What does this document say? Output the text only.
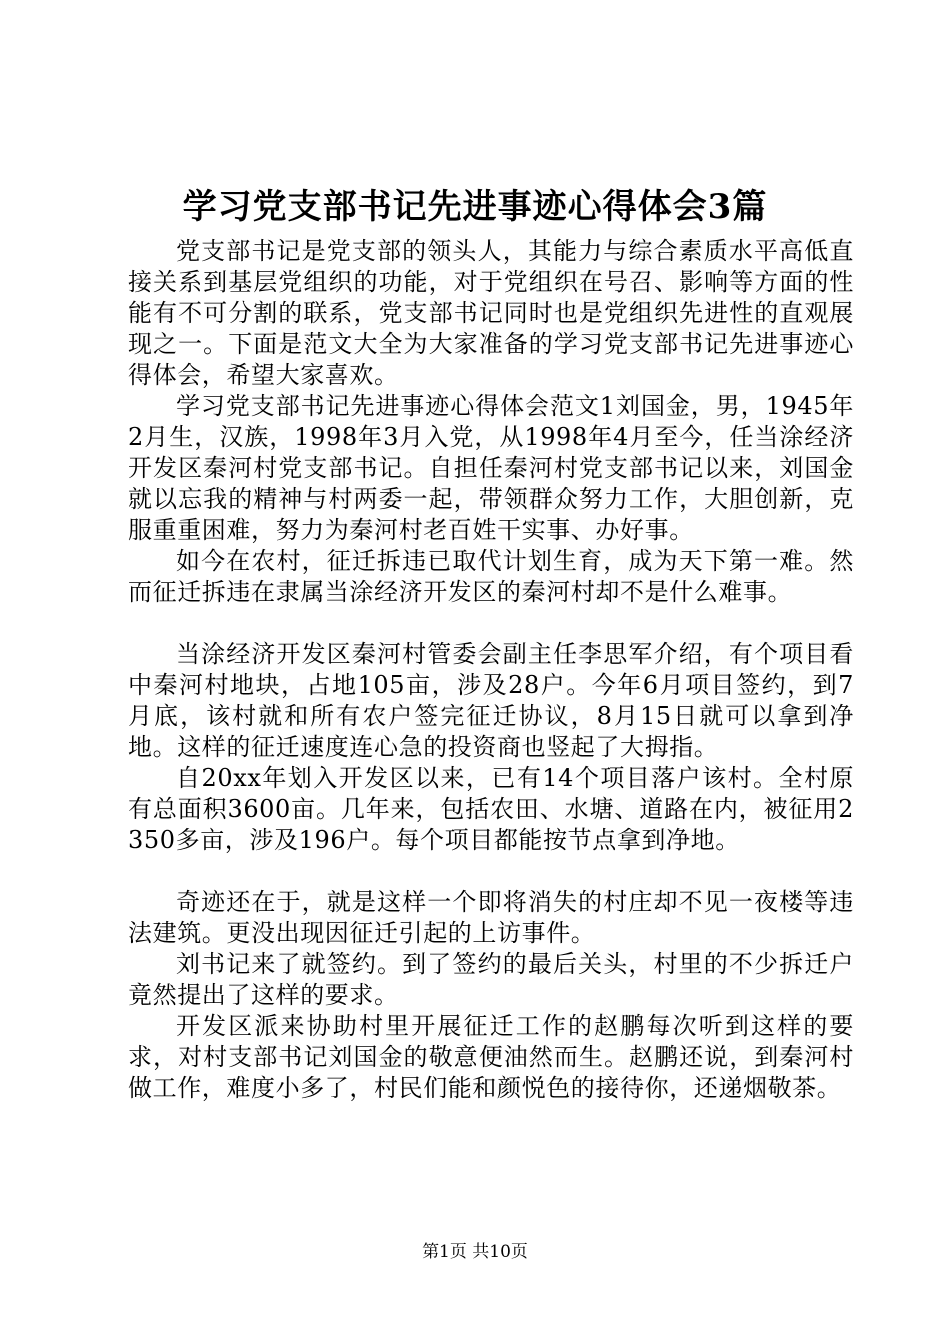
学习党支部书记先进事迹心得体会3篇

党支部书记是党支部的领头人，其能力与综合素质水平高低直接关系到基层党组织的功能，对于党组织在号召、影响等方面的性能有不可分割的联系，党支部书记同时也是党组织先进性的直观展现之一。下面是范文大全为大家准备的学习党支部书记先进事迹心得体会，希望大家喜欢。

学习党支部书记先进事迹心得体会范文1刘国金，男，1945年2月生，汉族，1998年3月入党，从1998年4月至今，任当涂经济开发区秦河村党支部书记。自担任秦河村党支部书记以来，刘国金就以忘我的精神与村两委一起，带领群众努力工作，大胆创新，克服重重困难，努力为秦河村老百姓干实事、办好事。

如今在农村，征迁拆违已取代计划生育，成为天下第一难。然而征迁拆违在隶属当涂经济开发区的秦河村却不是什么难事。

当涂经济开发区秦河村管委会副主任李思军介绍，有个项目看中秦河村地块，占地105亩，涉及28户。今年6月项目签约，到7月底，该村就和所有农户签完征迁协议，8月15日就可以拿到净地。这样的征迁速度连心急的投资商也竖起了大拇指。

自20xx年划入开发区以来，已有14个项目落户该村。全村原有总面积3600亩。几年来，包括农田、水塘、道路在内，被征用2350多亩，涉及196户。每个项目都能按节点拿到净地。

奇迹还在于，就是这样一个即将消失的村庄却不见一夜楼等违法建筑。更没出现因征迁引起的上访事件。

刘书记来了就签约。到了签约的最后关头，村里的不少拆迁户竟然提出了这样的要求。

开发区派来协助村里开展征迁工作的赵鹏每次听到这样的要求，对村支部书记刘国金的敬意便油然而生。赵鹏还说，到秦河村做工作，难度小多了，村民们能和颜悦色的接待你，还递烟敬茶。

第1页 共10页
